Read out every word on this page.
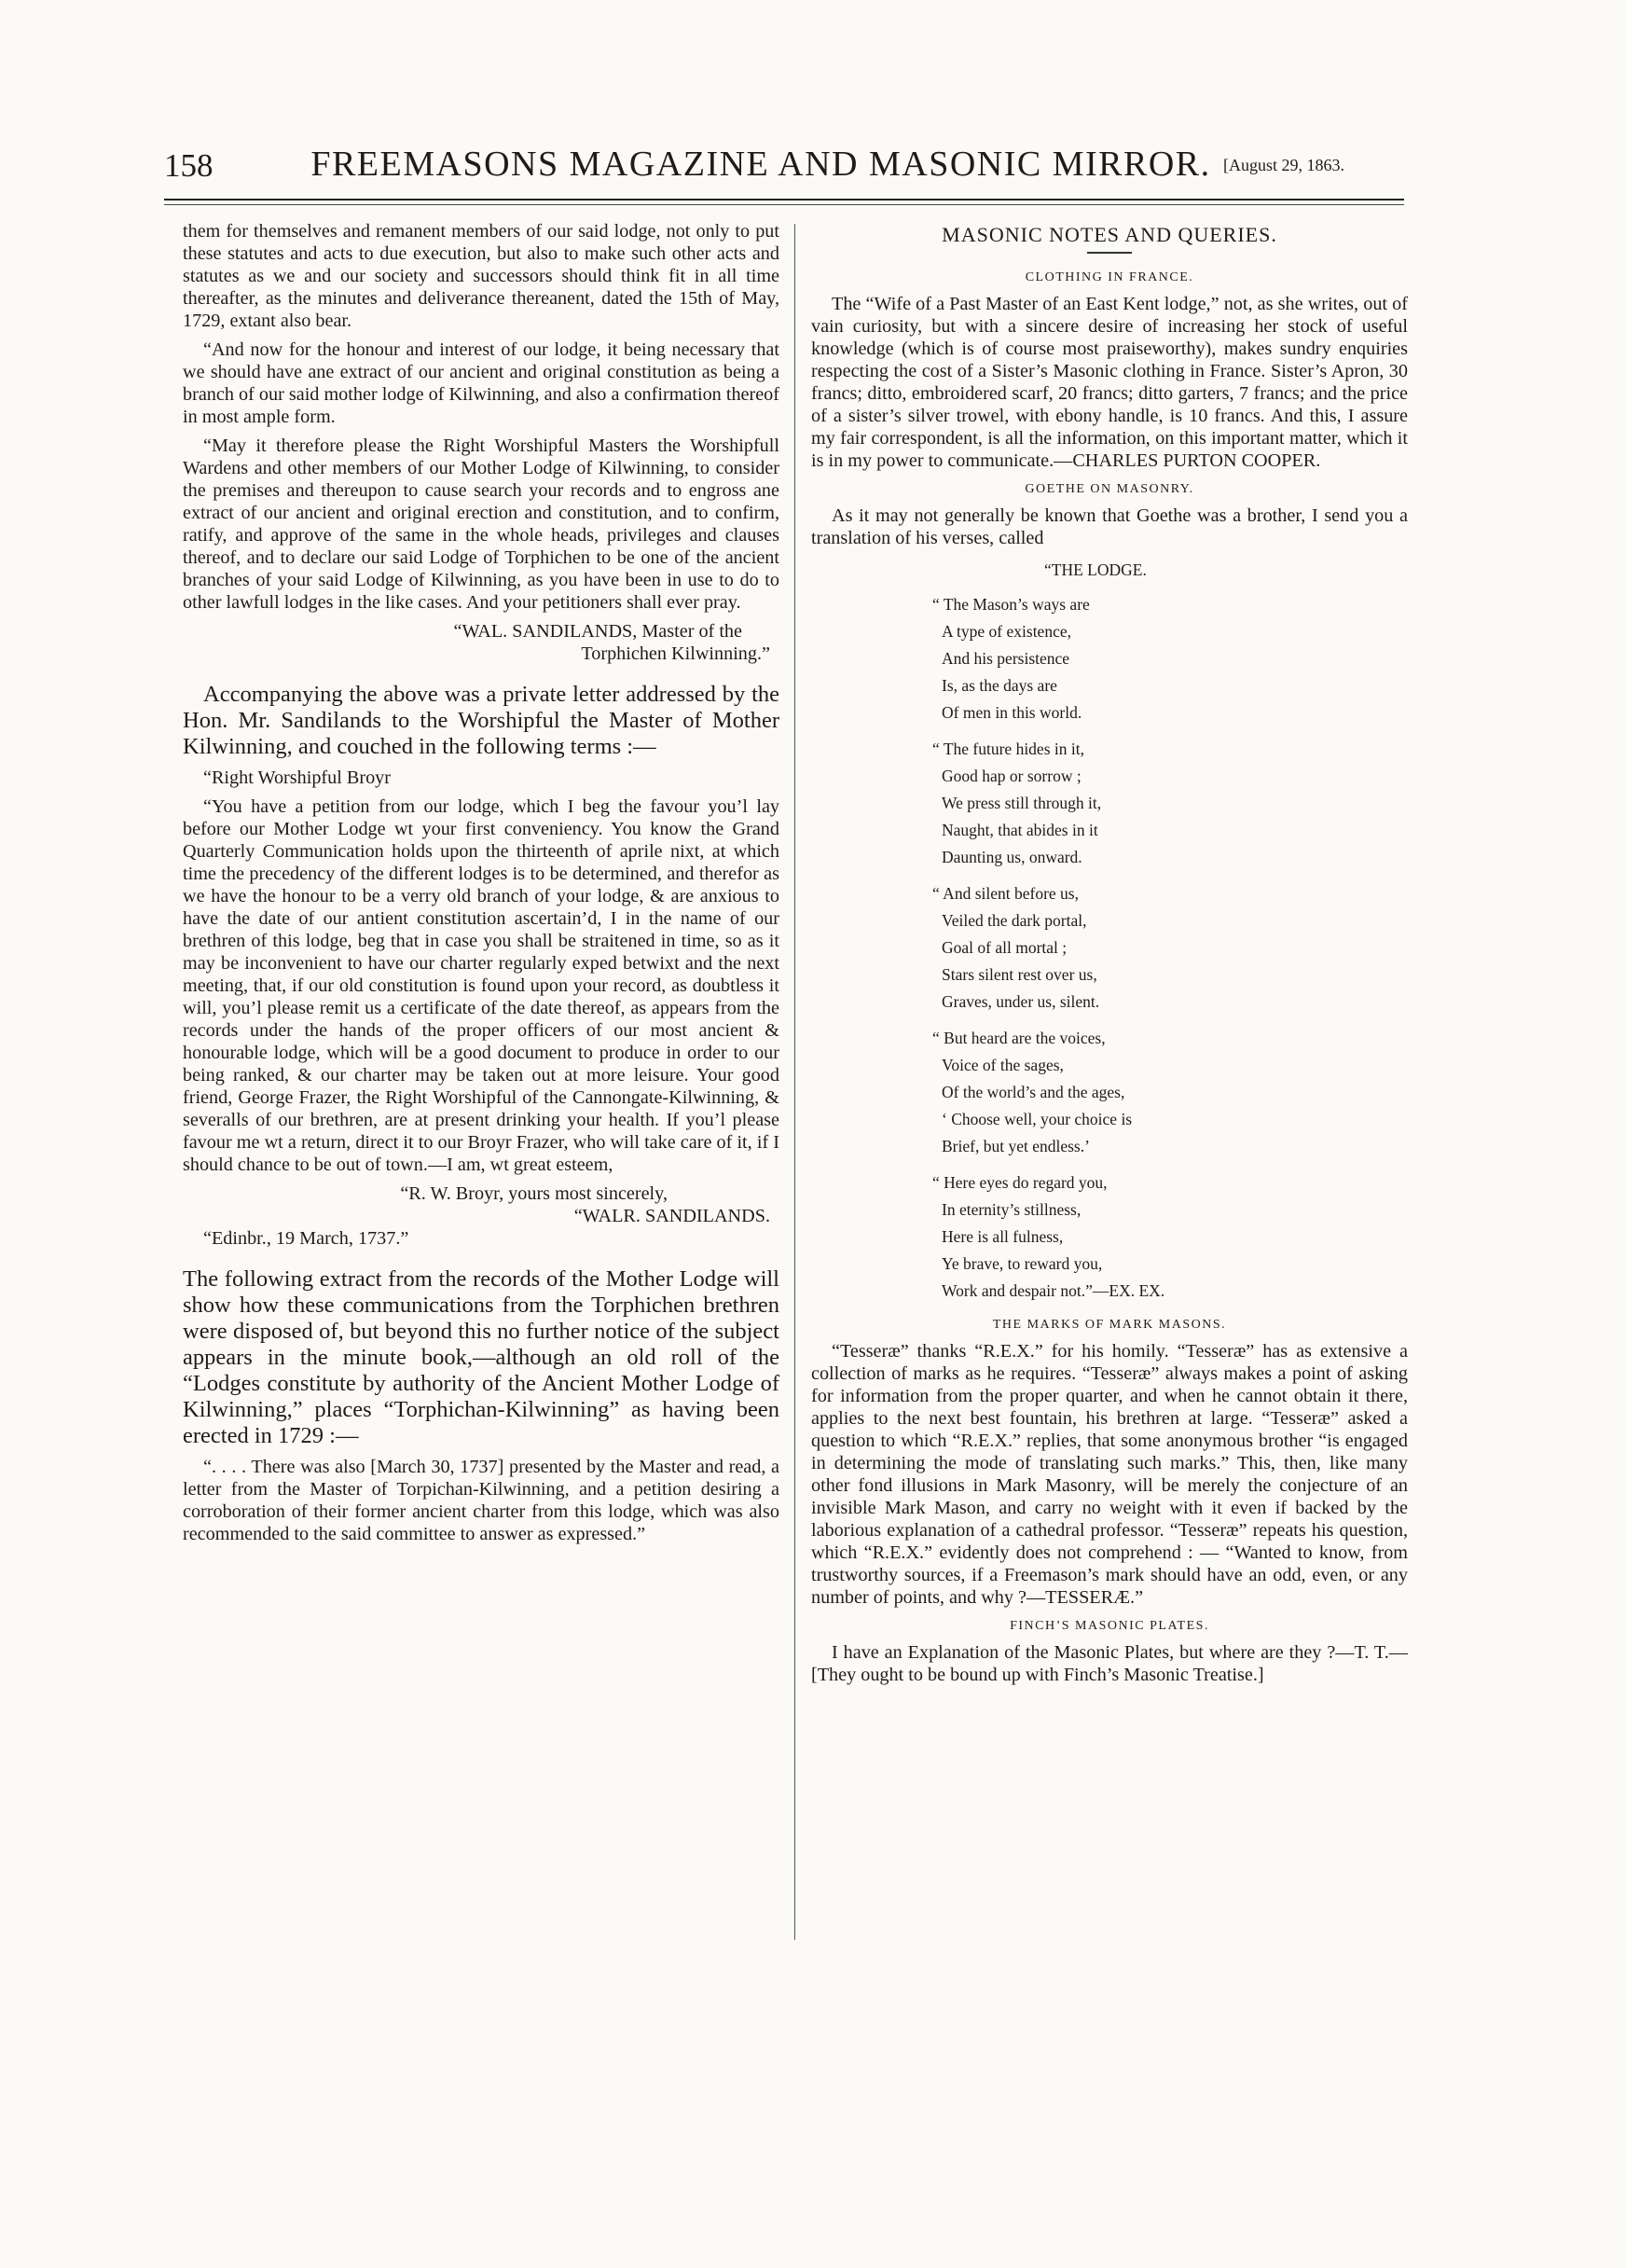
158	FREEMASONS MAGAZINE AND MASONIC MIRROR. [August 29, 1863.

them for themselves and remanent members of our said lodge, not only to put these statutes and acts to due execution, but also to make such other acts and statutes as we and our society and successors should think fit in all time thereafter, as the minutes and deliverance thereanent, dated the 15th of May, 1729, extant also bear.

“And now for the honour and interest of our lodge, it being necessary that we should have ane extract of our ancient and original constitution as being a branch of our said mother lodge of Kilwinning, and also a confirmation thereof in most ample form.

“May it therefore please the Right Worshipful Masters the Worshipfull Wardens and other members of our Mother Lodge of Kilwinning, to consider the premises and thereupon to cause search your records and to engross ane extract of our ancient and original erection and constitution, and to confirm, ratify, and approve of the same in the whole heads, privileges and clauses thereof, and to declare our said Lodge of Torphichen to be one of the ancient branches of your said Lodge of Kilwinning, as you have been in use to do to other lawfull lodges in the like cases. And your petitioners shall ever pray.

“WAL. SANDILANDS, Master of the

Torphichen Kilwinning.”

Accompanying the above was a private letter addressed by the Hon. Mr. Sandilands to the Worshipful the Master of Mother Kilwinning, and couched in the following terms :—

“Right Worshipful Broyr

“You have a petition from our lodge, which I beg the favour you’l lay before our Mother Lodge wt your first conveniency. You know the Grand Quarterly Communication holds upon the thirteenth of aprile nixt, at which time the precedency of the different lodges is to be determined, and therefor as we have the honour to be a verry old branch of your lodge, & are anxious to have the date of our antient constitution ascertain’d, I in the name of our brethren of this lodge, beg that in case you shall be straitened in time, so as it may be inconvenient to have our charter regularly exped betwixt and the next meeting, that, if our old constitution is found upon your record, as doubtless it will, you’l please remit us a certificate of the date thereof, as appears from the records under the hands of the proper officers of our most ancient & honourable lodge, which will be a good document to produce in order to our being ranked, & our charter may be taken out at more leisure. Your good friend, George Frazer, the Right Worshipful of the Cannongate-Kilwinning, & severalls of our brethren, are at present drinking your health. If you’l please favour me wt a return, direct it to our Broyr Frazer, who will take care of it, if I should chance to be out of town.—I am, wt great esteem,

“R. W. Broyr, yours most sincerely,

“WALR. SANDILANDS.

“Edinbr., 19 March, 1737.”

The following extract from the records of the Mother Lodge will show how these communications from the Torphichen brethren were disposed of, but beyond this no further notice of the subject appears in the minute book,—although an old roll of the “Lodges constitute by authority of the Ancient Mother Lodge of Kilwinning,” places “Torphichan-Kilwinning” as having been erected in 1729 :—

“. . . . There was also [March 30, 1737] presented by the Master and read, a letter from the Master of Torpichan-Kilwinning, and a petition desiring a corroboration of their former ancient charter from this lodge, which was also recommended to the said committee to answer as expressed.”

MASONIC NOTES AND QUERIES.
CLOTHING IN FRANCE.

The “Wife of a Past Master of an East Kent lodge,” not, as she writes, out of vain curiosity, but with a sincere desire of increasing her stock of useful knowledge (which is of course most praiseworthy), makes sundry enquiries respecting the cost of a Sister’s Masonic clothing in France. Sister’s Apron, 30 francs; ditto, embroidered scarf, 20 francs; ditto garters, 7 francs; and the price of a sister’s silver trowel, with ebony handle, is 10 francs. And this, I assure my fair correspondent, is all the information, on this important matter, which it is in my power to communicate.—CHARLES PURTON COOPER.

GOETHE ON MASONRY.

As it may not generally be known that Goethe was a brother, I send you a translation of his verses, called

“THE LODGE.
“ The Mason’s ways are
A type of existence,
And his persistence
Is, as the days are
Of men in this world.
“ The future hides in it,
Good hap or sorrow ;
We press still through it,
Naught, that abides in it
Daunting us, onward.
“ And silent before us,
Veiled the dark portal,
Goal of all mortal ;
Stars silent rest over us,
Graves, under us, silent.
“ But heard are the voices,
Voice of the sages,
Of the world’s and the ages,
‘ Choose well, your choice is
Brief, but yet endless.’
“ Here eyes do regard you,
In eternity’s stillness,
Here is all fulness,
Ye brave, to reward you,
Work and despair not.”—EX. EX.
THE MARKS OF MARK MASONS.

“Tesseræ” thanks “R.E.X.” for his homily. “Tesseræ” has as extensive a collection of marks as he requires. “Tesseræ” always makes a point of asking for information from the proper quarter, and when he cannot obtain it there, applies to the next best fountain, his brethren at large. “Tesseræ” asked a question to which “R.E.X.” replies, that some anonymous brother “is engaged in determining the mode of translating such marks.” This, then, like many other fond illusions in Mark Masonry, will be merely the conjecture of an invisible Mark Mason, and carry no weight with it even if backed by the laborious explanation of a cathedral professor. “Tesseræ” repeats his question, which “R.E.X.” evidently does not comprehend : — “Wanted to know, from trustworthy sources, if a Freemason’s mark should have an odd, even, or any number of points, and why ?—TESSERÆ.”

FINCH’S MASONIC PLATES.

I have an Explanation of the Masonic Plates, but where are they ?—T. T.—[They ought to be bound up with Finch’s Masonic Treatise.]
